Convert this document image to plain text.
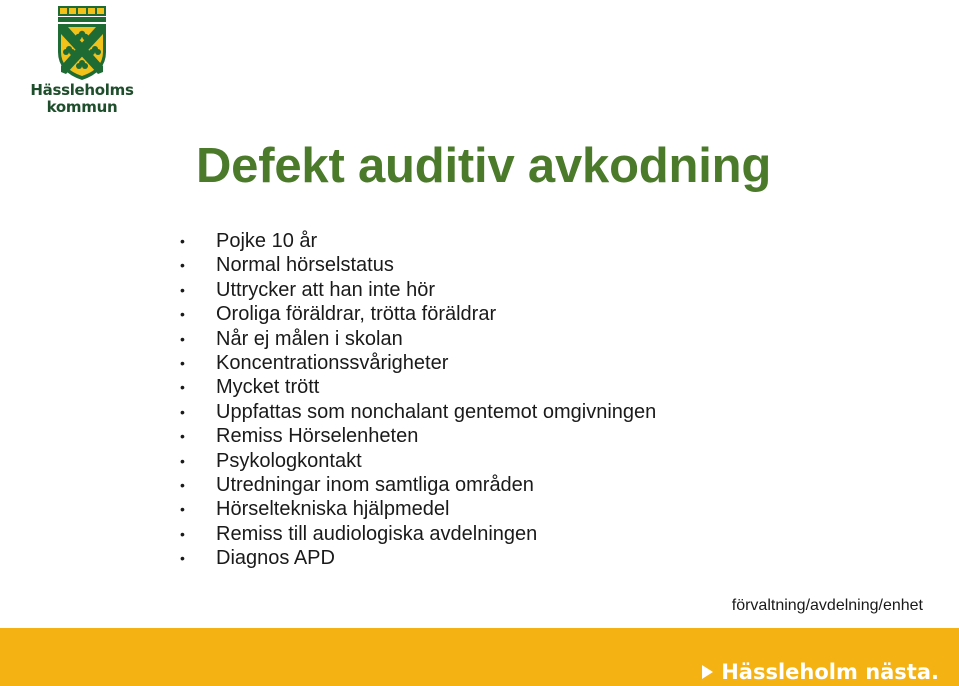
Hässleholms
kommun
Defekt auditiv avkodning
• Pojke 10 år
• Normal hörselstatus
• Uttrycker att han inte hör
• Oroliga föräldrar, trötta föräldrar
• Når ej målen i skolan
• Koncentrationssvårigheter
• Mycket trött
• Uppfattas som nonchalant gentemot omgivningen
• Remiss Hörselenheten
• Psykologkontakt
• Utredningar inom samtliga områden
• Hörseltekniska hjälpmedel
• Remiss till audiologiska avdelningen
• Diagnos APD
förvaltning/avdelning/enhet
Hässleholm nästa.
